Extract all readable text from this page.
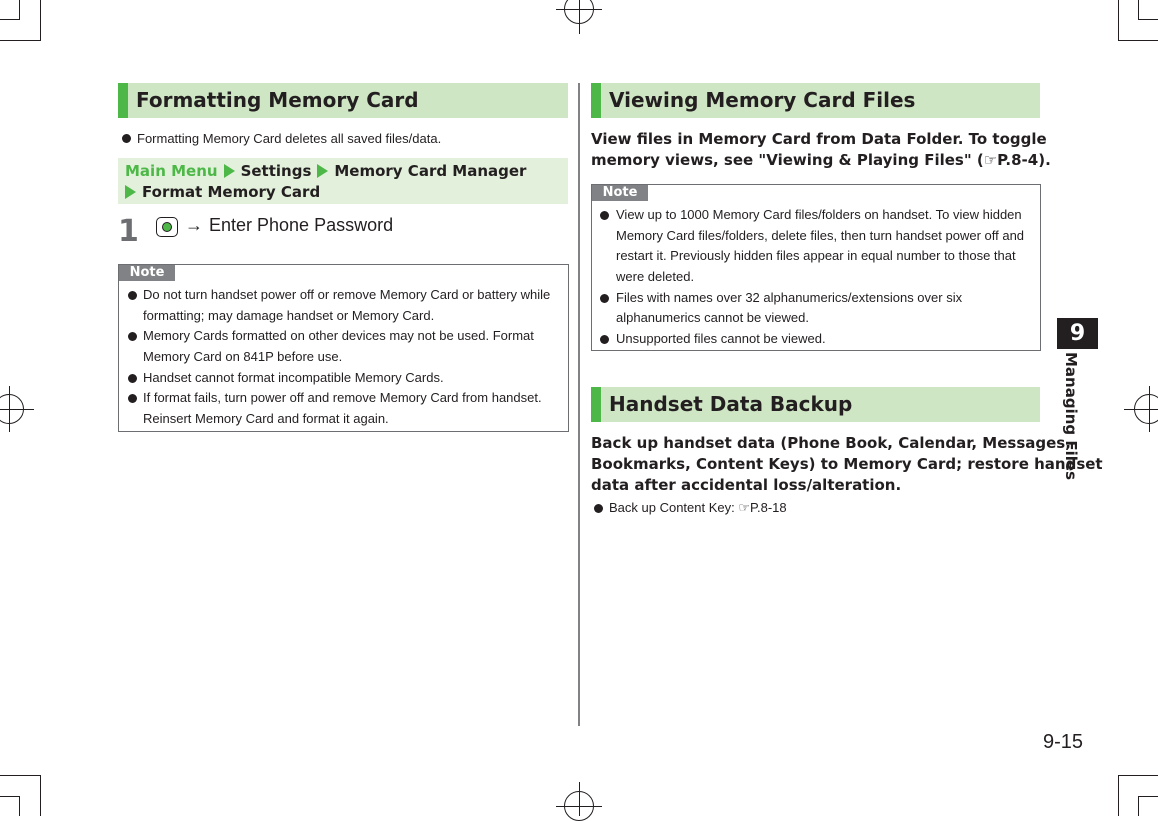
Formatting Memory Card
Formatting Memory Card deletes all saved files/data.
Main Menu Settings Memory Card Manager
Format Memory Card
1	→ Enter Phone Password
Note
Do not turn handset power off or remove Memory Card or battery while
formatting; may damage handset or Memory Card.
Memory Cards formatted on other devices may not be used. Format
Memory Card on 841P before use.
Handset cannot format incompatible Memory Cards.
If format fails, turn power off and remove Memory Card from handset.
Reinsert Memory Card and format it again.
Viewing Memory Card Files
View files in Memory Card from Data Folder. To toggle
memory views, see "Viewing & Playing Files" (☞P.8-4).
Note
View up to 1000 Memory Card files/folders on handset. To view hidden
Memory Card files/folders, delete files, then turn handset power off and
restart it. Previously hidden files appear in equal number to those that
were deleted.
Files with names over 32 alphanumerics/extensions over six
alphanumerics cannot be viewed.
Unsupported files cannot be viewed.
Handset Data Backup
Back up handset data (Phone Book, Calendar, Messages,
Bookmarks, Content Keys) to Memory Card; restore handset
data after accidental loss/alteration.
Back up Content Key: ☞P.8-18
9
Managing Files
9-15
